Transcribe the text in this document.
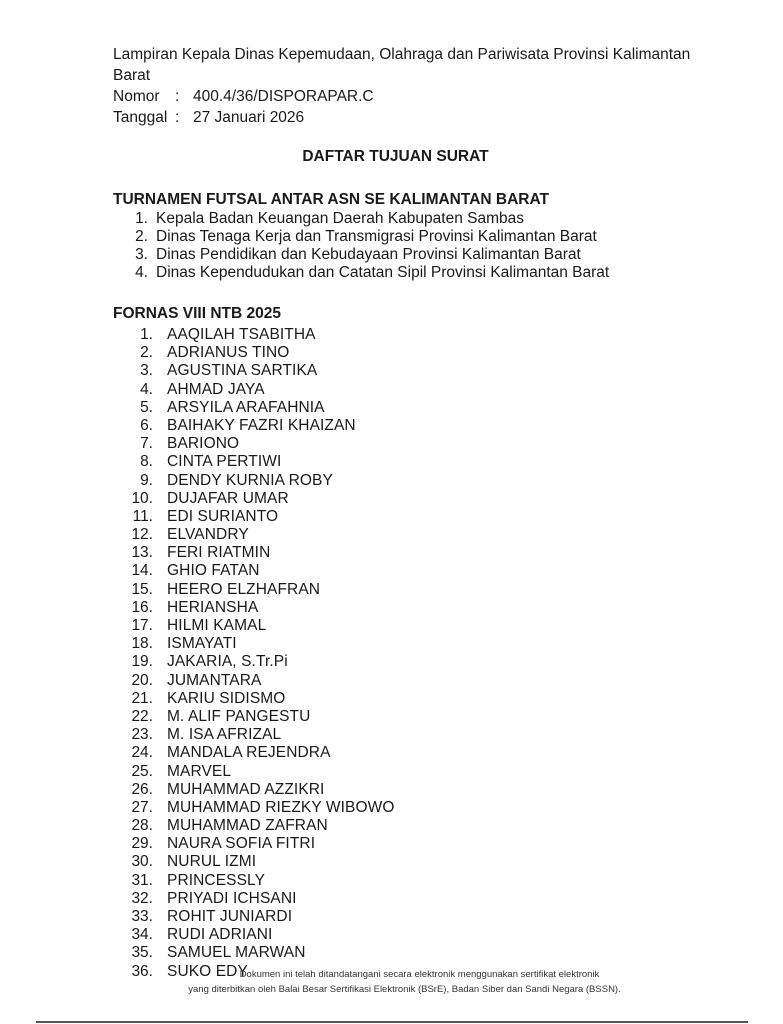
Lampiran Kepala Dinas Kepemudaan, Olahraga dan Pariwisata Provinsi Kalimantan
Barat
Nomor : 400.4/36/DISPORAPAR.C
Tanggal : 27 Januari 2026
DAFTAR TUJUAN SURAT
TURNAMEN FUTSAL ANTAR ASN SE KALIMANTAN BARAT
1. Kepala Badan Keuangan Daerah Kabupaten Sambas
2. Dinas Tenaga Kerja dan Transmigrasi Provinsi Kalimantan Barat
3. Dinas Pendidikan dan Kebudayaan Provinsi Kalimantan Barat
4. Dinas Kependudukan dan Catatan Sipil Provinsi Kalimantan Barat
FORNAS VIII NTB 2025
1. AAQILAH TSABITHA
2. ADRIANUS TINO
3. AGUSTINA SARTIKA
4. AHMAD JAYA
5. ARSYILA ARAFAHNIA
6. BAIHAKY FAZRI KHAIZAN
7. BARIONO
8. CINTA PERTIWI
9. DENDY KURNIA ROBY
10. DUJAFAR UMAR
11. EDI SURIANTO
12. ELVANDRY
13. FERI RIATMIN
14. GHIO FATAN
15. HEERO ELZHAFRAN
16. HERIANSHA
17. HILMI KAMAL
18. ISMAYATI
19. JAKARIA, S.Tr.Pi
20. JUMANTARA
21. KARIU SIDISMO
22. M. ALIF PANGESTU
23. M. ISA AFRIZAL
24. MANDALA REJENDRA
25. MARVEL
26. MUHAMMAD AZZIKRI
27. MUHAMMAD RIEZKY WIBOWO
28. MUHAMMAD ZAFRAN
29. NAURA SOFIA FITRI
30. NURUL IZMI
31. PRINCESSLY
32. PRIYADI ICHSANI
33. ROHIT JUNIARDI
34. RUDI ADRIANI
35. SAMUEL MARWAN
36. SUKO EDY
Dokumen ini telah ditandatangani secara elektronik menggunakan sertifikat elektronik
yang diterbitkan oleh Balai Besar Sertifikasi Elektronik (BSrE), Badan Siber dan Sandi Negara (BSSN).
